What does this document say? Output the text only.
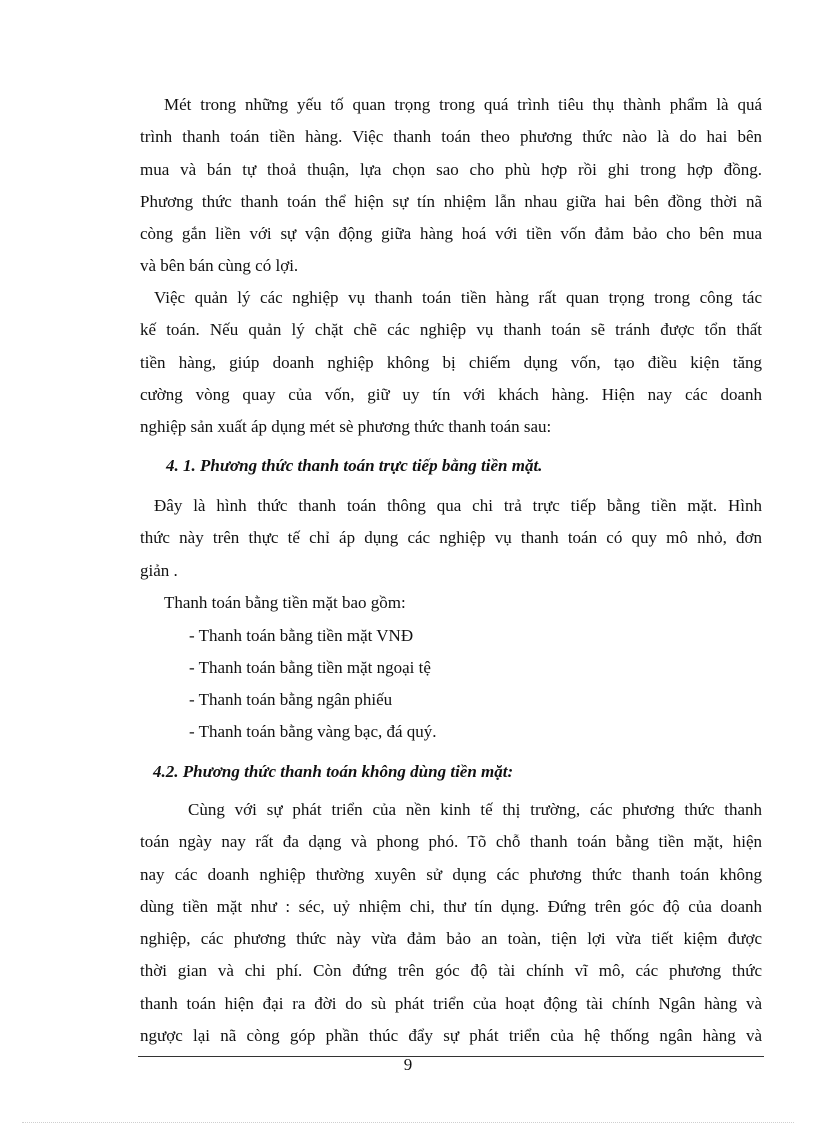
Mét trong những yếu tố quan trọng trong quá trình tiêu thụ thành phẩm là quá
trình thanh toán tiền hàng. Việc thanh toán theo phương thức nào là do hai bên
mua và bán tự thoả thuận, lựa chọn sao cho phù hợp rồi ghi trong hợp đồng.
Phương thức thanh toán thể hiện sự tín nhiệm lẫn nhau giữa hai bên đồng thời nã
còng gắn liền với sự vận động giữa hàng hoá với tiền vốn đảm bảo cho bên mua
và bên bán cùng có lợi.
Việc quản lý các nghiệp vụ thanh toán tiền hàng rất quan trọng trong công tác
kế toán. Nếu quản lý chặt chẽ các nghiệp vụ thanh toán sẽ tránh được tổn thất
tiền hàng, giúp doanh nghiệp không bị chiếm dụng vốn, tạo điều kiện tăng
cường vòng quay của vốn, giữ uy tín với khách hàng. Hiện nay các doanh
nghiệp sản xuất áp dụng mét sè phương thức thanh toán sau:
4. 1. Phương thức thanh toán trực tiếp bằng tiền mặt.
Đây là hình thức thanh toán thông qua chi trả trực tiếp bằng tiền mặt. Hình
thức này trên thực tế chỉ áp dụng các nghiệp vụ thanh toán có quy mô nhỏ, đơn
giản .
Thanh toán bằng tiền mặt bao gồm:
- Thanh toán bằng tiền mặt VNĐ
- Thanh toán bằng tiền mặt ngoại tệ
- Thanh toán bằng ngân phiếu
- Thanh toán bằng vàng bạc, đá quý.
4.2. Phương thức thanh toán không dùng tiền mặt:
Cùng với sự phát triển của nền kinh tế thị trường, các phương thức thanh
toán ngày nay rất đa dạng và phong phó. Tõ chỗ thanh toán bằng tiền mặt, hiện
nay các doanh nghiệp thường xuyên sử dụng các phương thức thanh toán không
dùng tiền mặt như : séc, uỷ nhiệm chi, thư tín dụng. Đứng trên góc độ của doanh
nghiệp, các phương thức này vừa đảm bảo an toàn, tiện lợi vừa tiết kiệm được
thời gian và chi phí. Còn đứng trên góc độ tài chính vĩ mô, các phương thức
thanh toán hiện đại ra đời do sù phát triển của hoạt động tài chính Ngân hàng và
ngược lại nã còng góp phần thúc đẩy sự phát triển của hệ thống ngân hàng và
9
